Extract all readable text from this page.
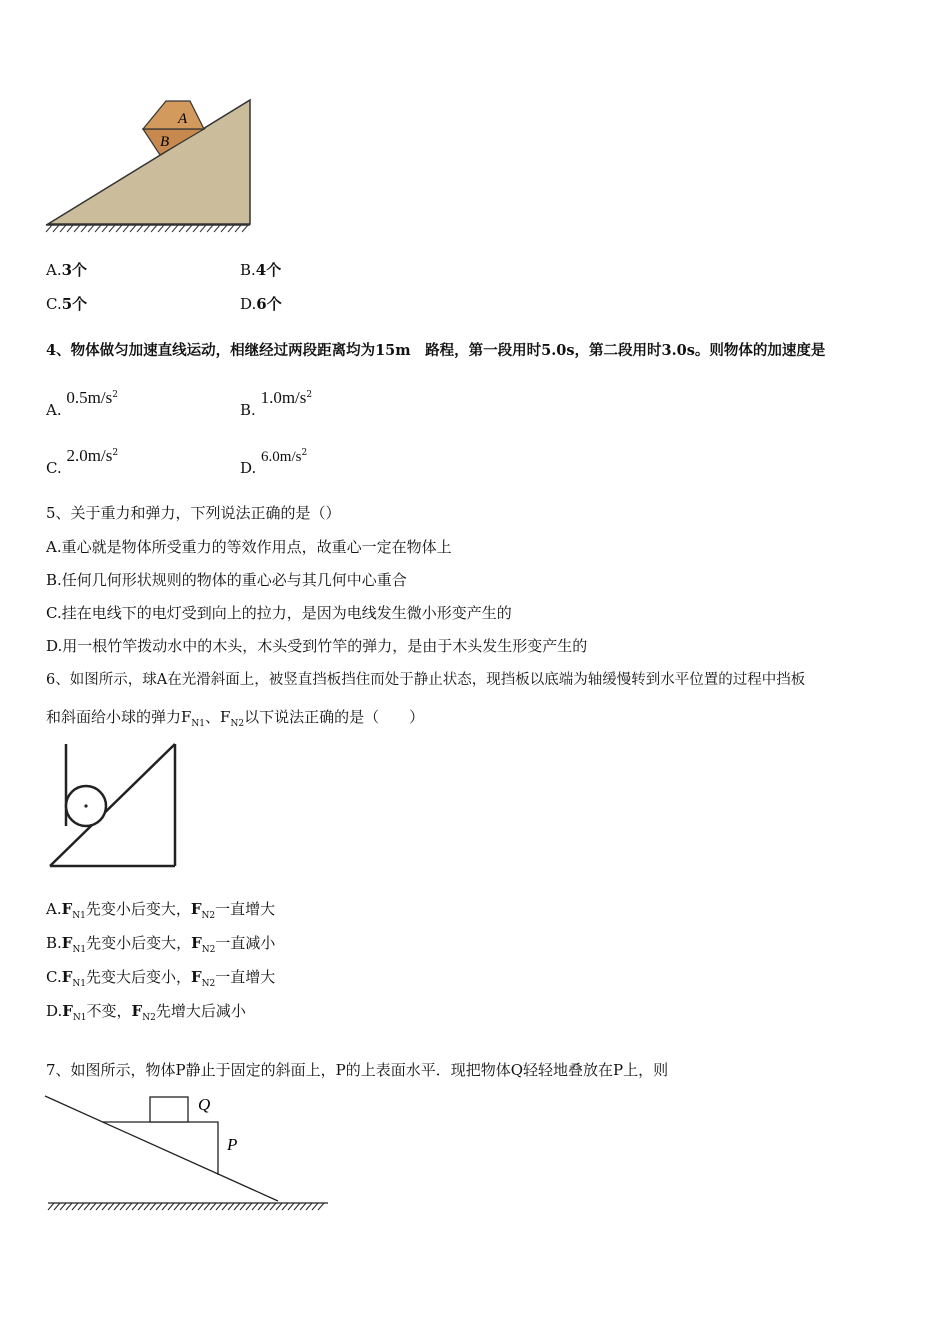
A
B
A.3个	B.4个
C.5个	D.6个
4、物体做匀加速直线运动，相继经过两段距离均为15m　路程，第一段用时5.0s，第二段用时3.0s。则物体的加速度是
A. $0.5m/s^2$
B. $1.0m/s^2$
C. $2.0m/s^2$
D. $6.0m/s^2$
5、关于重力和弹力，下列说法正确的是（）
A.重心就是物体所受重力的等效作用点，故重心一定在物体上
B.任何几何形状规则的物体的重心必与其几何中心重合
C.挂在电线下的电灯受到向上的拉力，是因为电线发生微小形变产生的
D.用一根竹竿拨动水中的木头，木头受到竹竿的弹力，是由于木头发生形变产生的
6、如图所示，球A在光滑斜面上，被竖直挡板挡住而处于静止状态，现挡板以底端为轴缓慢转到水平位置的过程中挡板
和斜面给小球的弹力$F_{N1}$、$F_{N2}$以下说法正确的是（　　）
$A.F_{N1}$先变小后变大，$F_{N2}$一直增大
$B.F_{N1}$先变小后变大，$F_{N2}$一直减小
$C.F_{N1}$先变大后变小，$F_{N2}$一直增大
$D.F_{N1}$不变，$F_{N2}$先增大后减小
7、如图所示，物体P静止于固定的斜面上，P的上表面水平．现把物体Q轻轻地叠放在P上，则
Q
P
